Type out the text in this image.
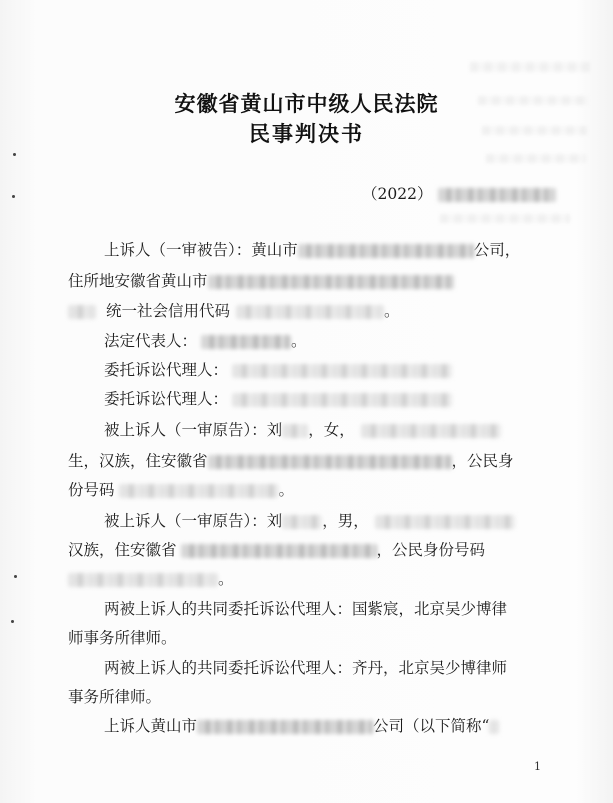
安徽省黄山市中级人民法院
民事判决书
（2022）
上诉人（一审被告）：黄山市	公司，
住所地安徽省黄山市
统一社会信用代码	。
法定代表人：	。
委托诉讼代理人：
委托诉讼代理人：
被上诉人（一审原告）：刘 ，女，
生，汉族，住安徽省	，公民身
份号码	。
被上诉人（一审原告）：刘	，男，
汉族，住安徽省	，公民身份号码
。
两被上诉人的共同委托诉讼代理人：国紫宸，北京吴少博律
师事务所律师。
两被上诉人的共同委托诉讼代理人：齐丹，北京吴少博律师
事务所律师。
上诉人黄山市	公司（以下简称“
1
